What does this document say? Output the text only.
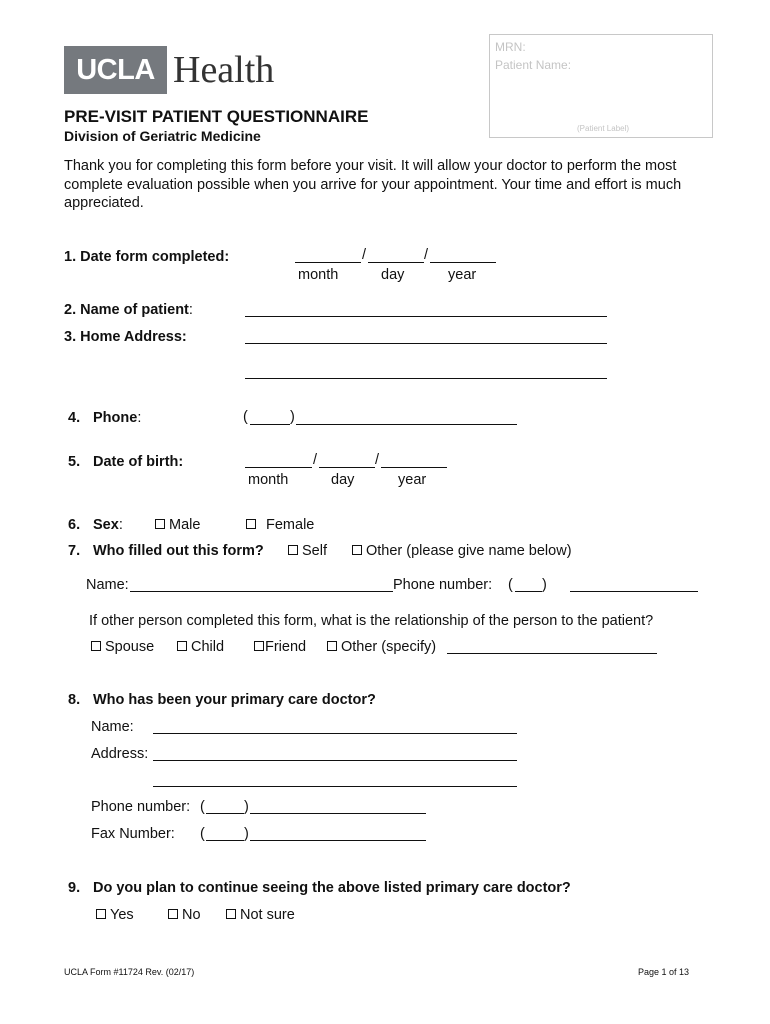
UCLA Health
MRN:
Patient Name:
(Patient Label)
PRE-VISIT PATIENT QUESTIONNAIRE
Division of Geriatric Medicine
Thank you for completing this form before your visit. It will allow your doctor to perform the most complete evaluation possible when you arrive for your appointment. Your time and effort is much appreciated.
1. Date form completed:	/	/
month	day	year
2. Name of patient:
3. Home Address:
4. Phone:	(	)
5. Date of birth:	/	/
month	day	year
6. Sex:	Male	Female
7. Who filled out this form?	Self	Other (please give name below)
Name:	Phone number: ( )
If other person completed this form, what is the relationship of the person to the patient?
Spouse	Child	Friend	Other (specify)
8. Who has been your primary care doctor?
Name:
Address:
Phone number: (	)
Fax Number: (	)
9. Do you plan to continue seeing the above listed primary care doctor?
Yes	No	Not sure
UCLA Form #11724 Rev. (02/17)	Page 1 of 13
